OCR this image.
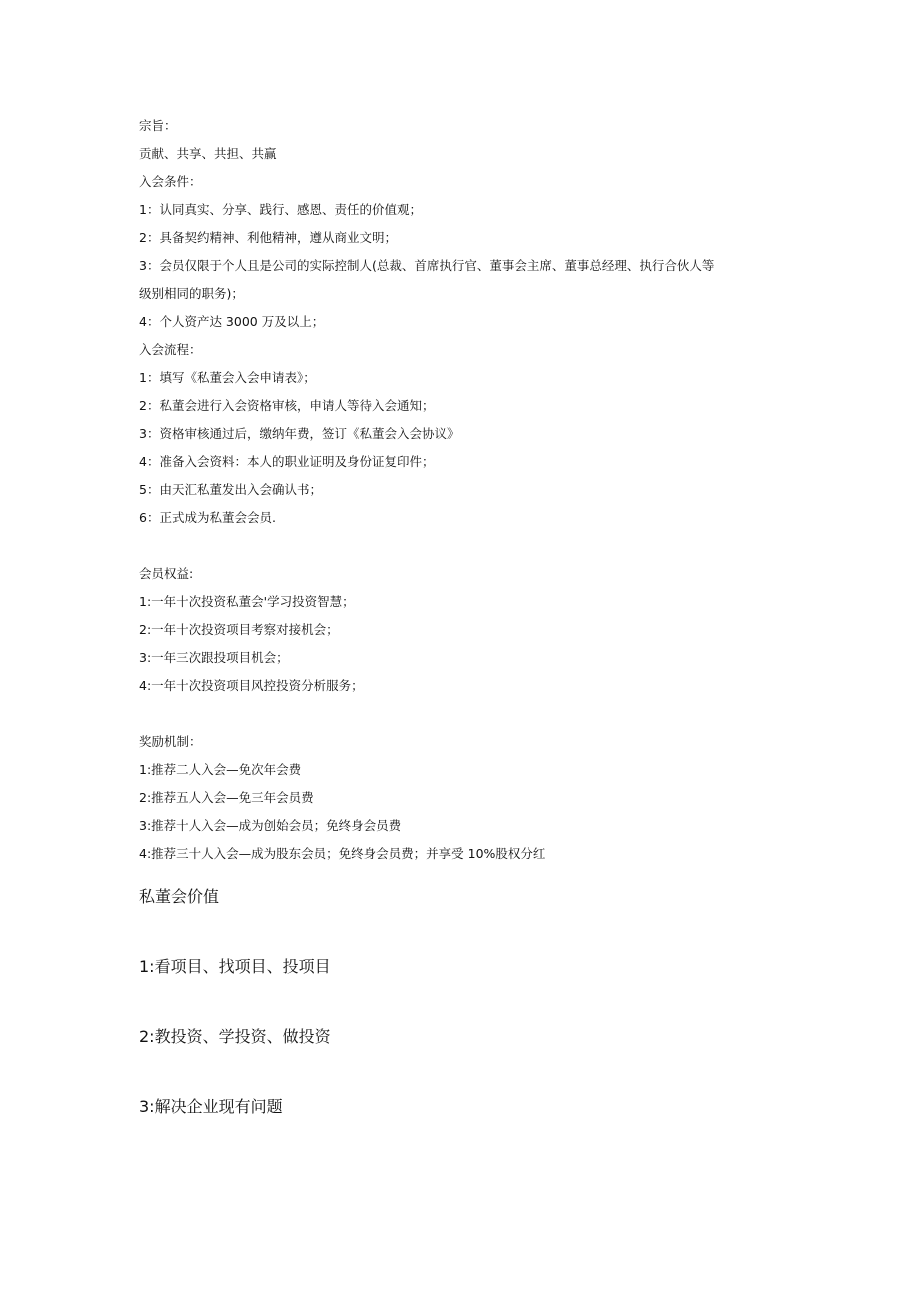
宗旨：
贡献、共享、共担、共赢
入会条件：
1：认同真实、分享、践行、感恩、责任的价值观；
2：具备契约精神、利他精神，遵从商业文明；
3：会员仅限于个人且是公司的实际控制人(总裁、首席执行官、董事会主席、董事总经理、执行合伙人等
级别相同的职务)；
4：个人资产达 3000 万及以上；
入会流程：
1：填写《私董会入会申请表》；
2：私董会进行入会资格审核，申请人等待入会通知；
3：资格审核通过后，缴纳年费，签订《私董会入会协议》
4：准备入会资料：本人的职业证明及身份证复印件；
5：由天汇私董发出入会确认书；
6：正式成为私董会会员.
会员权益:
1:一年十次投资私董会'学习投资智慧；
2:一年十次投资项目考察对接机会；
3:一年三次跟投项目机会；
4:一年十次投资项目风控投资分析服务；
奖励机制：
1:推荐二人入会—免次年会费
2:推荐五人入会—免三年会员费
3:推荐十人入会—成为创始会员；免终身会员费
4:推荐三十人入会—成为股东会员；免终身会员费；并享受 10%股权分红
私董会价值
1:看项目、找项目、投项目
2:教投资、学投资、做投资
3:解决企业现有问题
